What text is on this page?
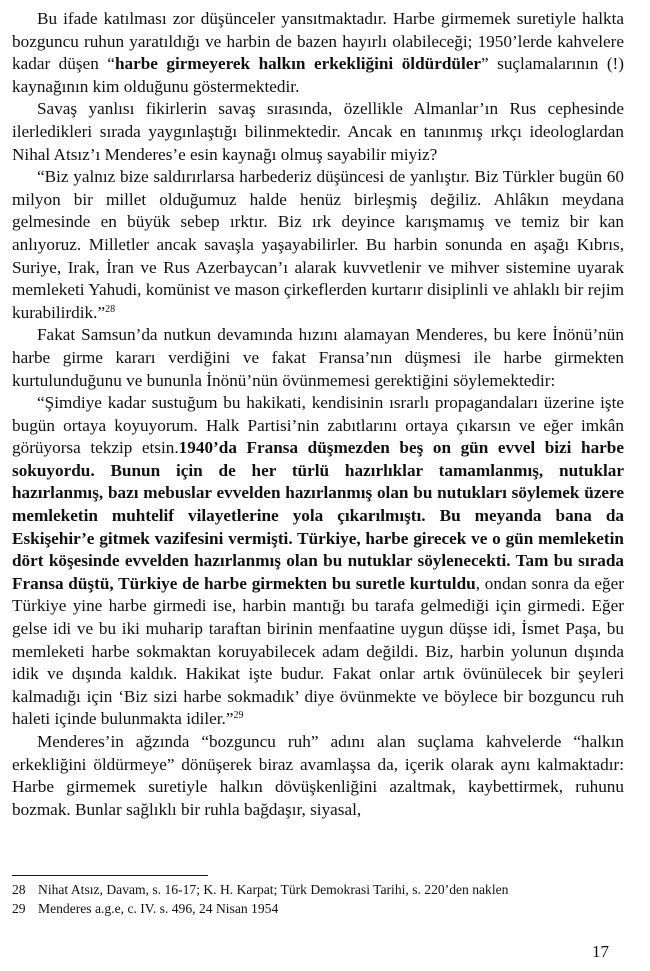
Bu ifade katılması zor düşünceler yansıtmaktadır. Harbe girmemek suretiyle halkta bozguncu ruhun yaratıldığı ve harbin de bazen hayırlı olabileceği; 1950’lerde kahvelere kadar düşen “harbe girmeyerek halkın erkekliğini öldürdüler” suçlamalarının (!) kaynağının kim olduğunu göstermektedir.

Savaş yanlısı fikirlerin savaş sırasında, özellikle Almanlar’ın Rus cephesinde ilerledikleri sırada yaygınlaştığı bilinmektedir. Ancak en tanınmış ırkçı ideologlardan Nihal Atsız’ı Menderes’e esin kaynağı olmuş sayabilir miyiz?

“Biz yalnız bize saldırırlarsa harbederiz düşüncesi de yanlıştır. Biz Türkler bugün 60 milyon bir millet olduğumuz halde henüz birleşmiş değiliz. Ahlâkın meydana gelmesinde en büyük sebep ırktır. Biz ırk deyince karışmamış ve temiz bir kan anlıyoruz. Milletler ancak savaşla yaşayabilirler. Bu harbin sonunda en aşağı Kıbrıs, Suriye, Irak, İran ve Rus Azerbaycan’ı alarak kuvvetlenir ve mihver sistemine uyarak memleketi Yahudi, komünist ve mason çirkeflerden kurtarır disiplinli ve ahlaklı bir rejim kurabilirdik.”$^{28}$

Fakat Samsun’da nutkun devamında hızını alamayan Menderes, bu kere İnönü’nün harbe girme kararı verdiğini ve fakat Fransa’nın düşmesi ile harbe girmekten kurtulunduğunu ve bununla İnönü’nün övünmemesi gerektiğini söylemektedir:

“Şimdiye kadar sustuğum bu hakikati, kendisinin ısrarlı propagandaları üzerine işte bugün ortaya koyuyorum. Halk Partisi’nin zabıtlarını ortaya çıkarsın ve eğer imkân görüyorsa tekzip etsin.1940’da Fransa düşmezden beş on gün evvel bizi harbe sokuyordu. Bunun için de her türlü hazırlıklar tamamlanmış, nutuklar hazırlanmış, bazı mebuslar evvelden hazırlanmış olan bu nutukları söylemek üzere memleketin muhtelif vilayetlerine yola çıkarılmıştı. Bu meyanda bana da Eskişehir’e gitmek vazifesini vermişti. Türkiye, harbe girecek ve o gün memleketin dört köşesinde evvelden hazırlanmış olan bu nutuklar söylenecekti. Tam bu sırada Fransa düştü, Türkiye de harbe girmekten bu suretle kurtuldu, ondan sonra da eğer Türkiye yine harbe girmedi ise, harbin mantığı bu tarafa gelmediği için girmedi. Eğer gelse idi ve bu iki muharip taraftan birinin menfaatine uygun düşse idi, İsmet Paşa, bu memleketi harbe sokmaktan koruyabilecek adam değildi. Biz, harbin yolunun dışında idik ve dışında kaldık. Hakikat işte budur. Fakat onlar artık övünülecek bir şeyleri kalmadığı için ‘Biz sizi harbe sokmadık’ diye övünmekte ve böylece bir bozguncu ruh haleti içinde bulunmakta idiler.”$^{29}$

Menderes’in ağzında “bozguncu ruh” adını alan suçlama kahvelerde “halkın erkekliğini öldürmeye” dönüşerek biraz avamlaşsa da, içerik olarak aynı kalmaktadır: Harbe girmemek suretiyle halkın dövüşkenliğini azaltmak, kaybettirmek, ruhunu bozmak. Bunlar sağlıklı bir ruhla bağdaşır, siyasal,

28 Nihat Atsız, Davam, s. 16-17; K. H. Karpat; Türk Demokrasi Tarihi, s. 220’den naklen
29 Menderes a.g.e, c. IV. s. 496, 24 Nisan 1954
17
